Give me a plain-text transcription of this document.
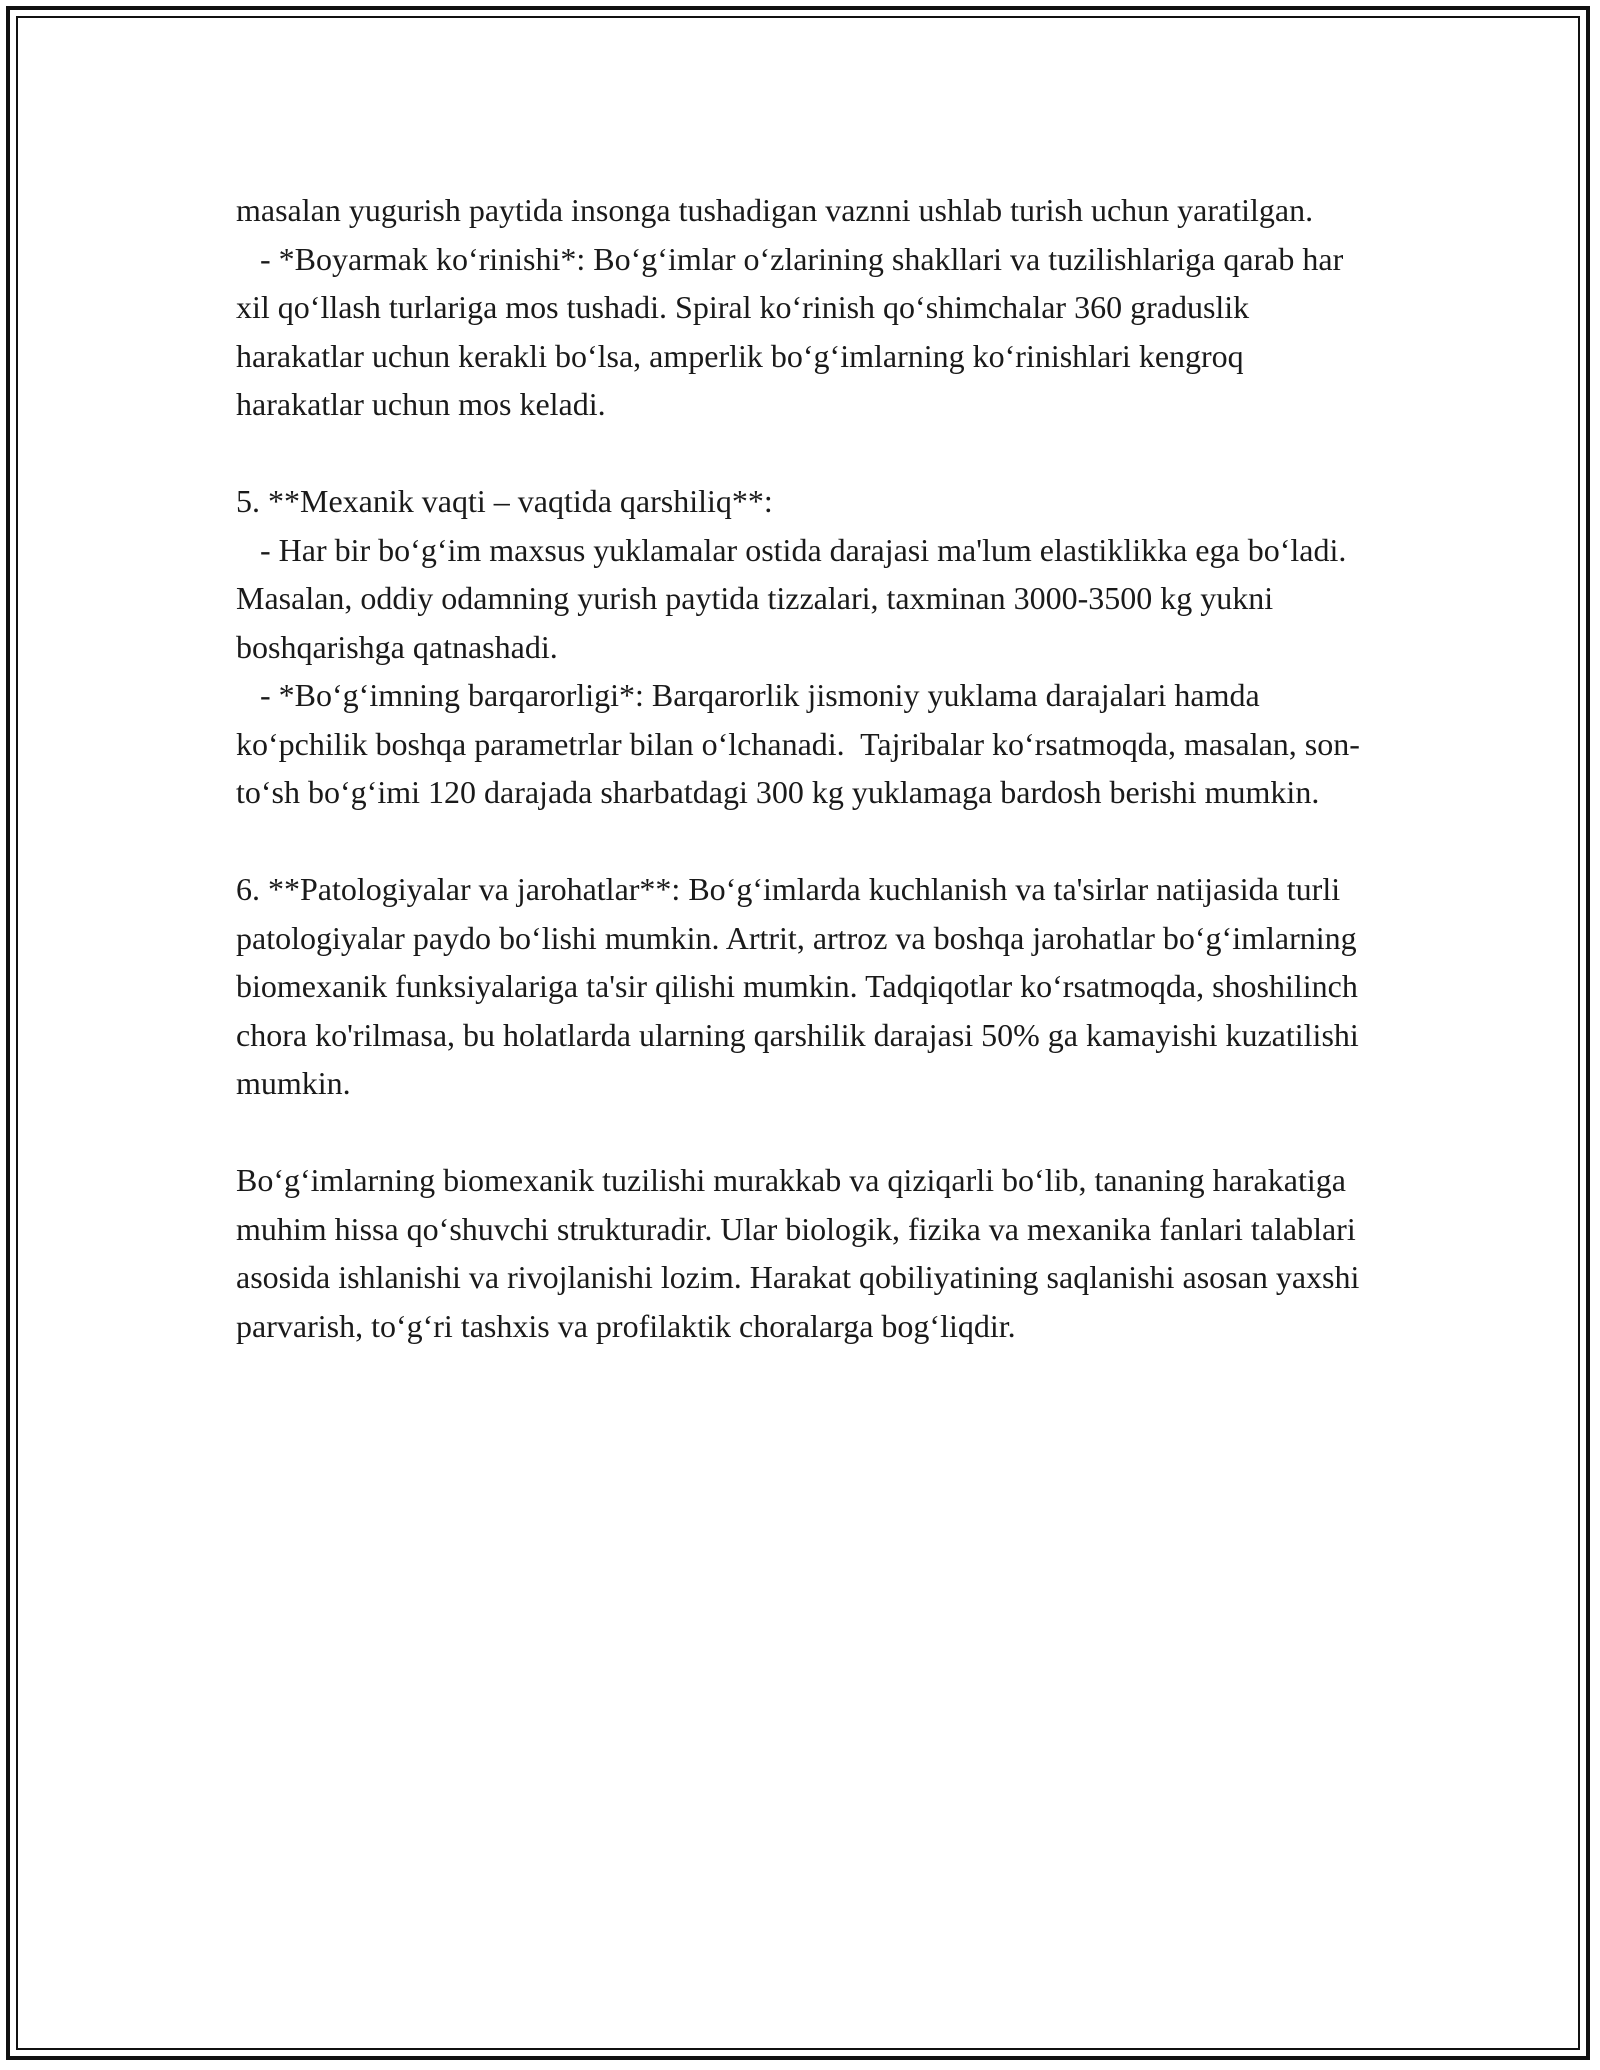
masalan yugurish paytida insonga tushadigan vaznni ushlab turish uchun yaratilgan.

- *Boyarmak ko‘rinishi*: Bo‘g‘imlar o‘zlarining shakllari va tuzilishlariga qarab har xil qo‘llash turlariga mos tushadi. Spiral ko‘rinish qo‘shimchalar 360 graduslik harakatlar uchun kerakli bo‘lsa, amperlik bo‘g‘imlarning ko‘rinishlari kengroq harakatlar uchun mos keladi.

5. **Mexanik vaqti – vaqtida qarshiliq**:

- Har bir bo‘g‘im maxsus yuklamalar ostida darajasi ma'lum elastiklikka ega bo‘ladi. Masalan, oddiy odamning yurish paytida tizzalari, taxminan 3000-3500 kg yukni boshqarishga qatnashadi.

- *Bo‘g‘imning barqarorligi*: Barqarorlik jismoniy yuklama darajalari hamda ko‘pchilik boshqa parametrlar bilan o‘lchanadi.  Tajribalar ko‘rsatmoqda, masalan, son-to‘sh bo‘g‘imi 120 darajada sharbatdagi 300 kg yuklamaga bardosh berishi mumkin.

6. **Patologiyalar va jarohatlar**: Bo‘g‘imlarda kuchlanish va ta'sirlar natijasida turli patologiyalar paydo bo‘lishi mumkin. Artrit, artroz va boshqa jarohatlar bo‘g‘imlarning biomexanik funksiyalariga ta'sir qilishi mumkin. Tadqiqotlar ko‘rsatmoqda, shoshilinch chora ko'rilmasa, bu holatlarda ularning qarshilik darajasi 50% ga kamayishi kuzatilishi mumkin.

Bo‘g‘imlarning biomexanik tuzilishi murakkab va qiziqarli bo‘lib, tananing harakatiga muhim hissa qo‘shuvchi strukturadir. Ular biologik, fizika va mexanika fanlari talablari asosida ishlanishi va rivojlanishi lozim. Harakat qobiliyatining saqlanishi asosan yaxshi parvarish, to‘g‘ri tashxis va profilaktik choralarga bog‘liqdir.
